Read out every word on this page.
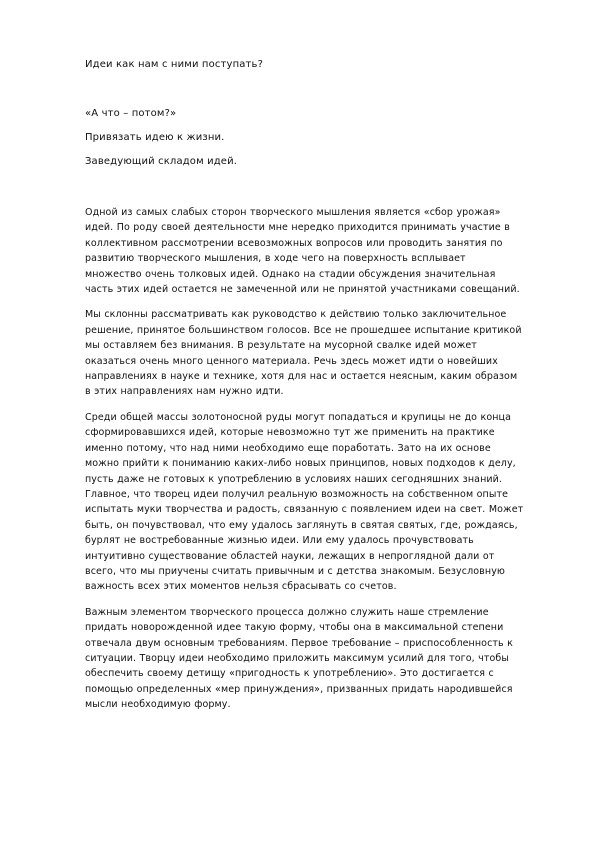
Идеи как нам с ними поступать?
«А что – потом?»
Привязать идею к жизни.
Заведующий складом идей.

Одной из самых слабых сторон творческого мышления является «сбор урожая» идей. По роду своей деятельности мне нередко приходится принимать участие в коллективном рассмотрении всевозможных вопросов или проводить занятия по развитию творческого мышления, в ходе чего на поверхность всплывает множество очень толковых идей. Однако на стадии обсуждения значительная часть этих идей остается не замеченной или не принятой участниками совещаний.

Мы склонны рассматривать как руководство к действию только заключительное решение, принятое большинством голосов. Все не прошедшее испытание критикой мы оставляем без внимания. В результате на мусорной свалке идей может оказаться очень много ценного материала. Речь здесь может идти о новейших направлениях в науке и технике, хотя для нас и остается неясным, каким образом в этих направлениях нам нужно идти.

Среди общей массы золотоносной руды могут попадаться и крупицы не до конца сформировавшихся идей, которые невозможно тут же применить на практике именно потому, что над ними необходимо еще поработать. Зато на их основе можно прийти к пониманию каких-либо новых принципов, новых подходов к делу, пусть даже не готовых к употреблению в условиях наших сегодняшних знаний. Главное, что творец идеи получил реальную возможность на собственном опыте испытать муки творчества и радость, связанную с появлением идеи на свет. Может быть, он почувствовал, что ему удалось заглянуть в святая святых, где, рождаясь, бурлят не востребованные жизнью идеи. Или ему удалось прочувствовать интуитивно существование областей науки, лежащих в непроглядной дали от всего, что мы приучены считать привычным и с детства знакомым. Безусловную важность всех этих моментов нельзя сбрасывать со счетов.

Важным элементом творческого процесса должно служить наше стремление придать новорожденной идее такую форму, чтобы она в максимальной степени отвечала двум основным требованиям. Первое требование – приспособленность к ситуации. Творцу идеи необходимо приложить максимум усилий для того, чтобы обеспечить своему детищу «пригодность к употреблению». Это достигается с помощью определенных «мер принуждения», призванных придать народившейся мысли необходимую форму.
